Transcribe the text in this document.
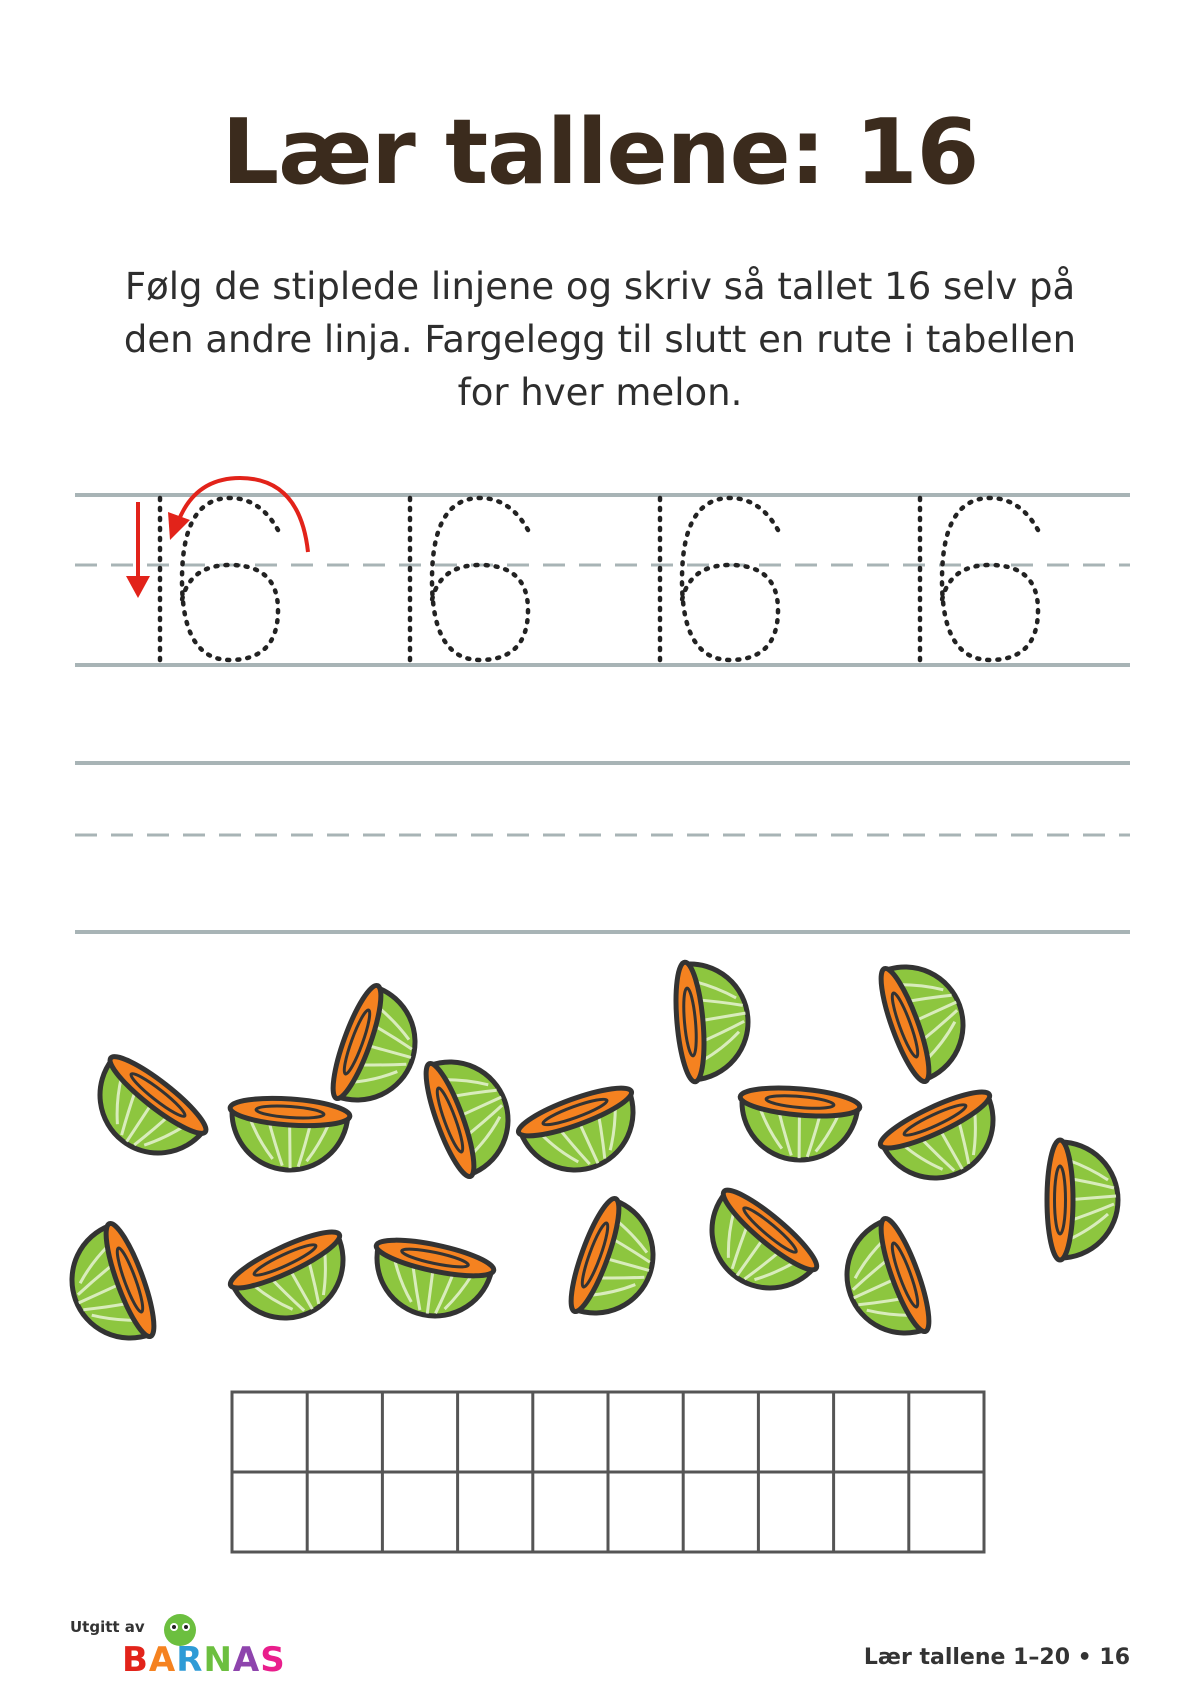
Lær tallene: 16
Følg de stiplede linjene og skriv så tallet 16 selv på den andre linja. Fargelegg til slutt en rute i tabellen for hver melon.
Utgitt av
BARNAS	Lær tallene 1–20 • 16
